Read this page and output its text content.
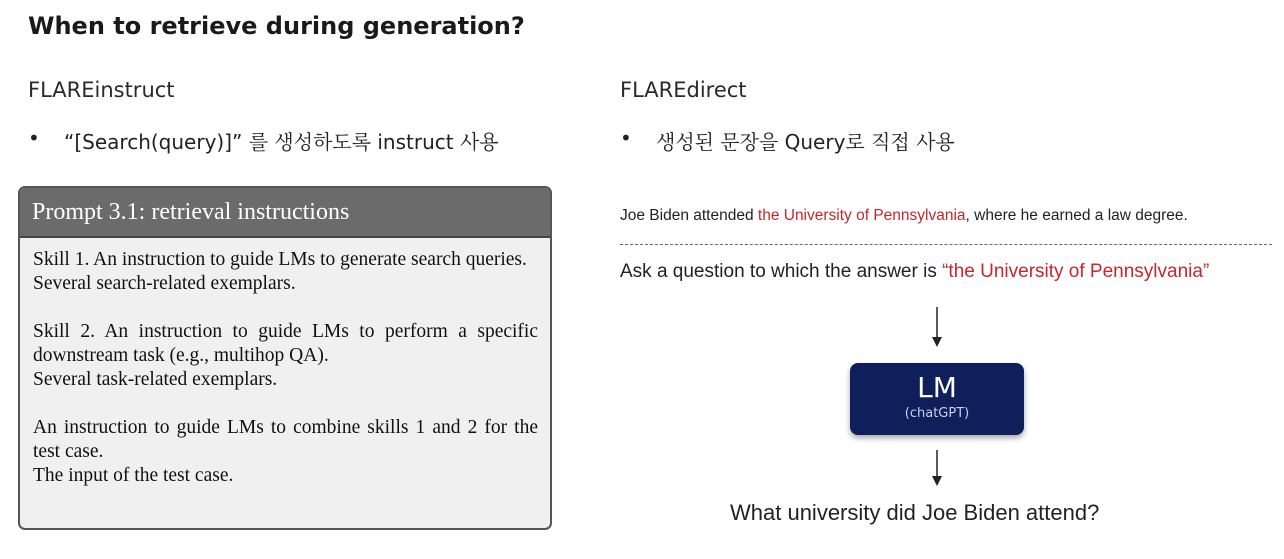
When to retrieve during generation?
FLAREinstruct
• “[Search(query)]” 를 생성하도록 instruct 사용
Prompt 3.1: retrieval instructions
Skill 1. An instruction to guide LMs to generate search queries.
Several search-related exemplars.
Skill 2. An instruction to guide LMs to perform a specific downstream task (e.g., multihop QA).
Several task-related exemplars.
An instruction to guide LMs to combine skills 1 and 2 for the test case.
The input of the test case.
FLAREdirect
• 생성된 문장을 Query로 직접 사용
Joe Biden attended the University of Pennsylvania, where he earned a law degree.
Ask a question to which the answer is “the University of Pennsylvania”
LM
(chatGPT)
What university did Joe Biden attend?
